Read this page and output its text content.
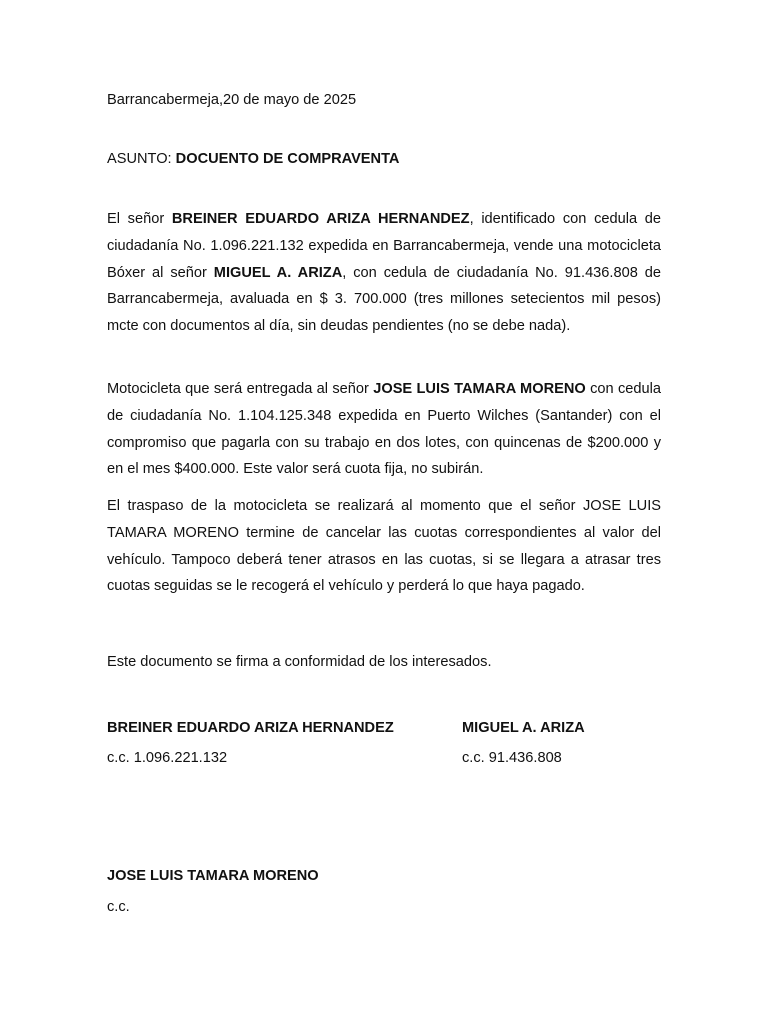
Barrancabermeja,20 de mayo de 2025
ASUNTO: DOCUENTO DE COMPRAVENTA

El señor BREINER EDUARDO ARIZA HERNANDEZ, identificado con cedula de ciudadanía No. 1.096.221.132 expedida en Barrancabermeja, vende una motocicleta Bóxer al señor MIGUEL A. ARIZA, con cedula de ciudadanía No. 91.436.808 de Barrancabermeja, avaluada en $ 3. 700.000 (tres millones setecientos mil pesos) mcte con documentos al día, sin deudas pendientes (no se debe nada).

Motocicleta que será entregada al señor JOSE LUIS TAMARA MORENO con cedula de ciudadanía No. 1.104.125.348 expedida en Puerto Wilches (Santander) con el compromiso que pagarla con su trabajo en dos lotes, con quincenas de $200.000 y en el mes $400.000. Este valor será cuota fija, no subirán.

El traspaso de la motocicleta se realizará al momento que el señor JOSE LUIS TAMARA MORENO termine de cancelar las cuotas correspondientes al valor del vehículo. Tampoco deberá tener atrasos en las cuotas, si se llegara a atrasar tres cuotas seguidas se le recogerá el vehículo y perderá lo que haya pagado.

Este documento se firma a conformidad de los interesados.
BREINER EDUARDO ARIZA HERNANDEZ
c.c. 1.096.221.132
MIGUEL A. ARIZA
c.c. 91.436.808
JOSE LUIS TAMARA MORENO
c.c.
